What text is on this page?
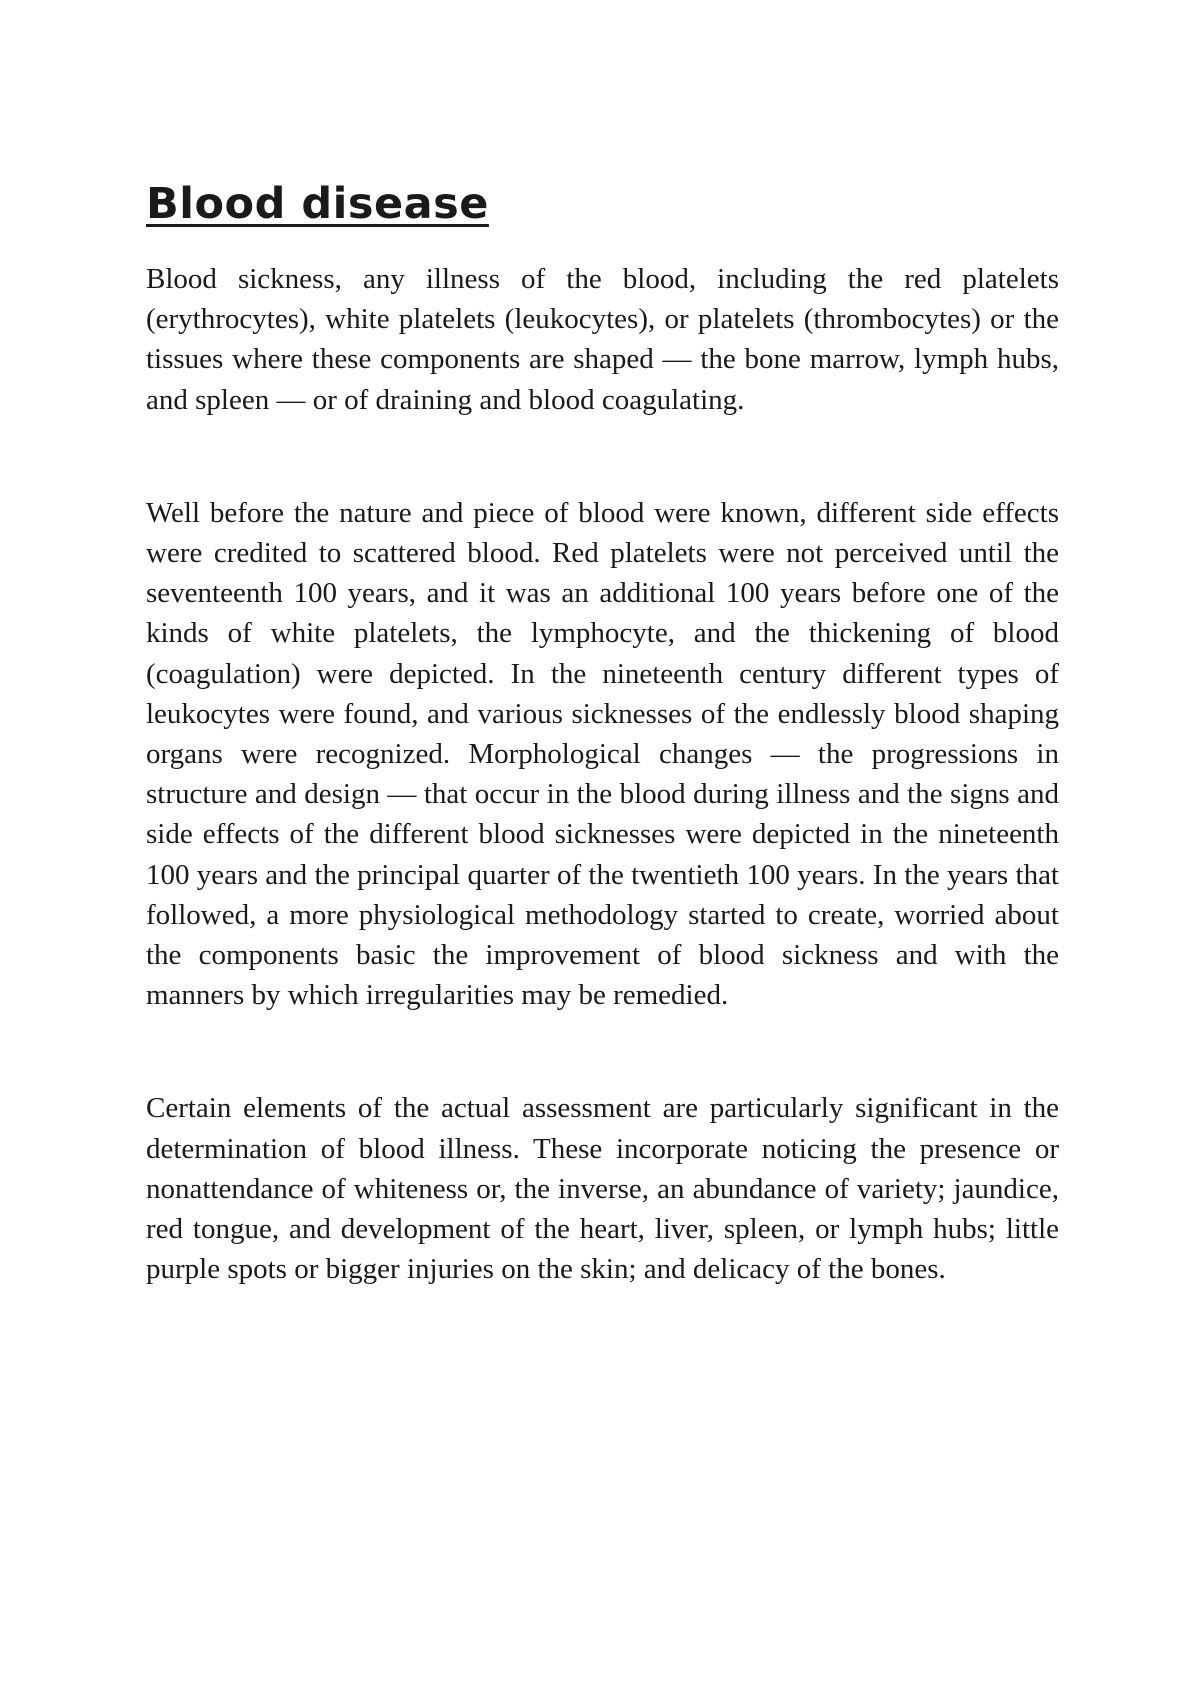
Blood disease

Blood sickness, any illness of the blood, including the red platelets (erythrocytes), white platelets (leukocytes), or platelets (thrombocytes) or the tissues where these components are shaped — the bone marrow, lymph hubs, and spleen — or of draining and blood coagulating.

Well before the nature and piece of blood were known, different side effects were credited to scattered blood. Red platelets were not perceived until the seventeenth 100 years, and it was an additional 100 years before one of the kinds of white platelets, the lymphocyte, and the thickening of blood (coagulation) were depicted. In the nineteenth century different types of leukocytes were found, and various sicknesses of the endlessly blood shaping organs were recognized. Morphological changes — the progressions in structure and design — that occur in the blood during illness and the signs and side effects of the different blood sicknesses were depicted in the nineteenth 100 years and the principal quarter of the twentieth 100 years. In the years that followed, a more physiological methodology started to create, worried about the components basic the improvement of blood sickness and with the manners by which irregularities may be remedied.

Certain elements of the actual assessment are particularly significant in the determination of blood illness. These incorporate noticing the presence or nonattendance of whiteness or, the inverse, an abundance of variety; jaundice, red tongue, and development of the heart, liver, spleen, or lymph hubs; little purple spots or bigger injuries on the skin; and delicacy of the bones.
